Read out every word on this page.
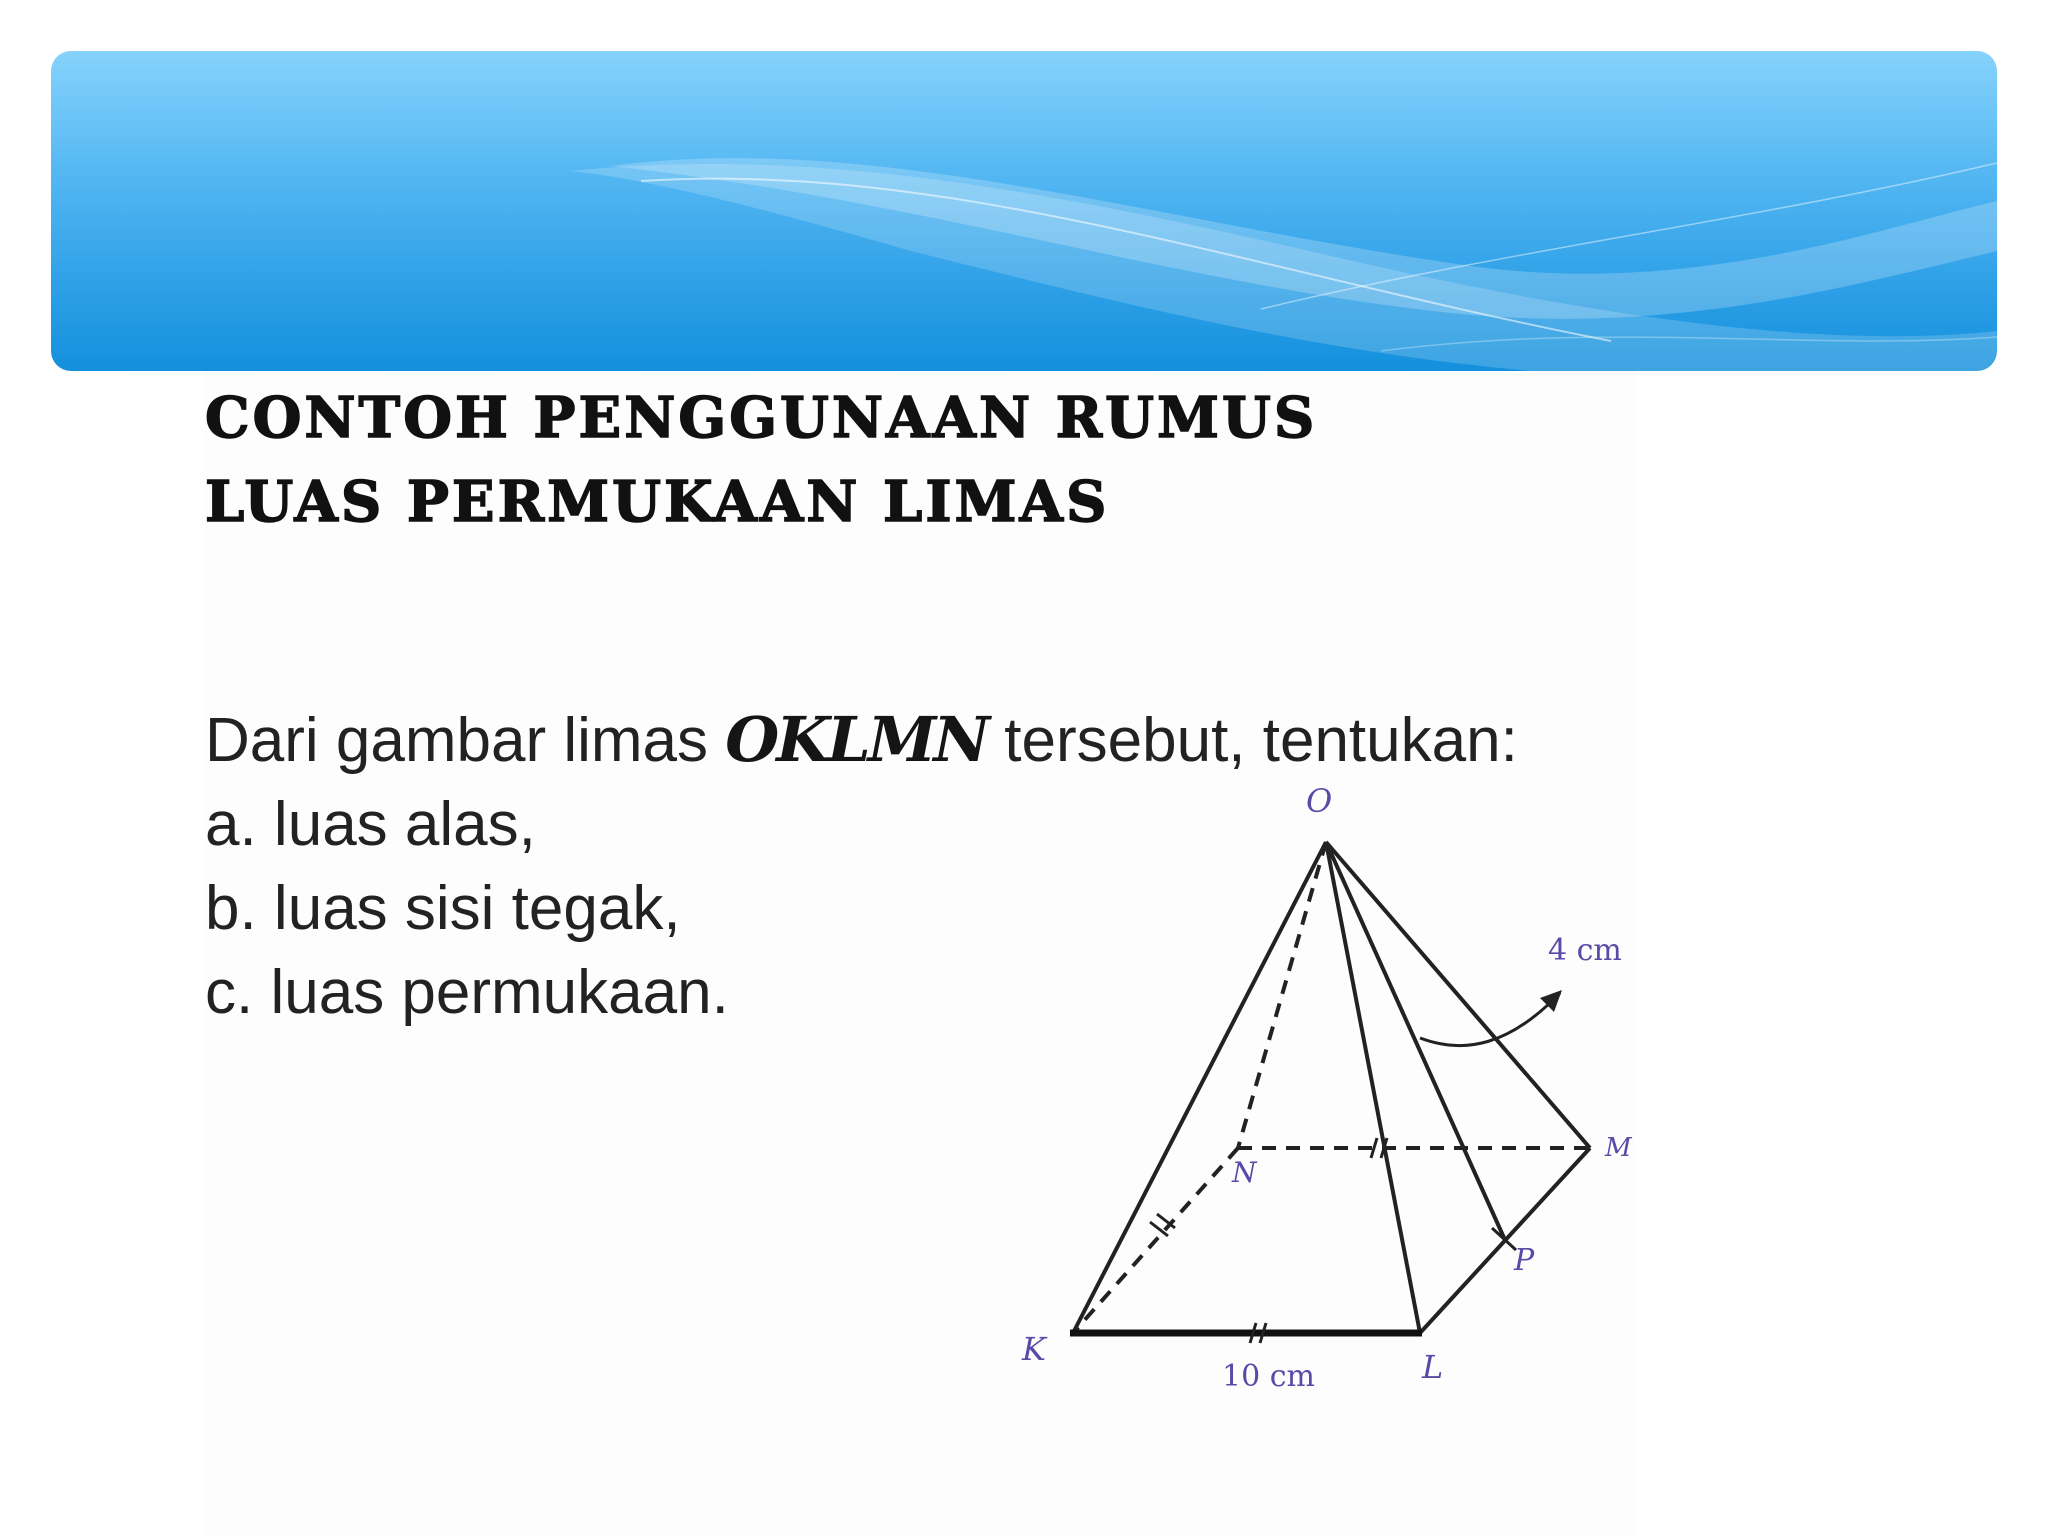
CONTOH PENGGUNAAN RUMUS
LUAS PERMUKAAN LIMAS
Dari gambar limas OKLMN tersebut, tentukan:
a. luas alas,
b. luas sisi tegak,
c. luas permukaan.
O
K	L
M
N
P
10 cm
4 cm
